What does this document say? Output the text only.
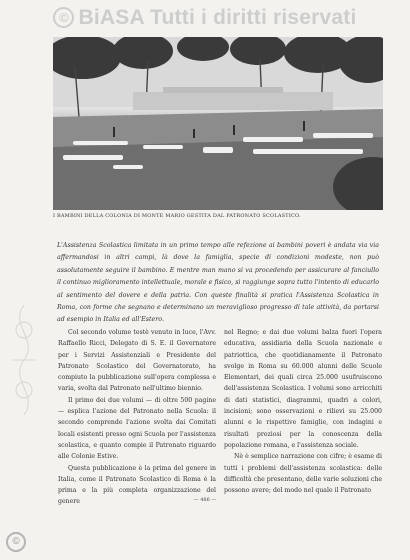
© BiASA Tutti i diritti riservati
I BAMBINI DELLA COLONIA DI MONTE MARIO GESTITA DAL PATRONATO SCOLASTICO.
L'Assistenza Scolastica limitata in un primo tempo alle refezione ai bambini poveri è andata via via affermandosi in altri campi, là dove la famiglia, specie di condizioni modeste, non può assolutamente seguire il bambino. E mentre man mano si va procedendo per assicurare al fanciullo il continuo miglioramento intellettuale, morale e fisico, si raggiunge sopra tutto l'intento di educarlo al sentimento del dovere e della patria. Con queste finalità si pratica l'Assistenza Scolastica in Roma, con forme che segnano e determinano un meraviglioso progresso di tale attività, da portarsi ad esempio in Italia ed all'Estero.

Col secondo volume testè venuto in luce, l'Avv. Raffaello Ricci, Delegato di S. E. il Governatore per i Servizi Assistenziali e Presidente del Patronato Scolastico del Governatorato, ha compiuto la pubblicazione sull'opera complessa e varia, svolta dal Patronato nell'ultimo biennio.

Il primo dei due volumi — di oltre 500 pagine — esplica l'azione del Patronato nella Scuola: il secondo comprende l'azione svolta dai Comitati locali esistenti presso ogni Scuola per l'assistenza scolastica, e quanto compie il Patronato riguardo alle Colonie Estive.

Questa pubblicazione è la prima del genere in Italia, come il Patronato Scolastico di Roma è la prima e la più completa organizzazione del genere

nel Regno; e dai due volumi balza fuori l'opera educativa, assidiaria della Scuola nazionale e patriottica, che quotidianamente il Patronato svolge in Roma su 60.000 alunni delle Scuole Elementari, dei quali circa 25.000 usufruiscono dell'assistenza Scolastica. I volumi sono arricchiti di dati statistici, diagrammi, quadri a colori, incisioni; sono osservazioni e rilievi su 25.000 alunni e le rispettive famiglie, con indagini e risultati preziosi per la conoscenza della popolazione romana, e l'assistenza sociale.

Nè è semplice narrazione con cifre; è esame di tutti i problemi dell'assistenza scolastica: delle difficoltà che presentano, delle varie soluzioni che possono avere; del modo nel quale il Patronato

— 486 —
©
